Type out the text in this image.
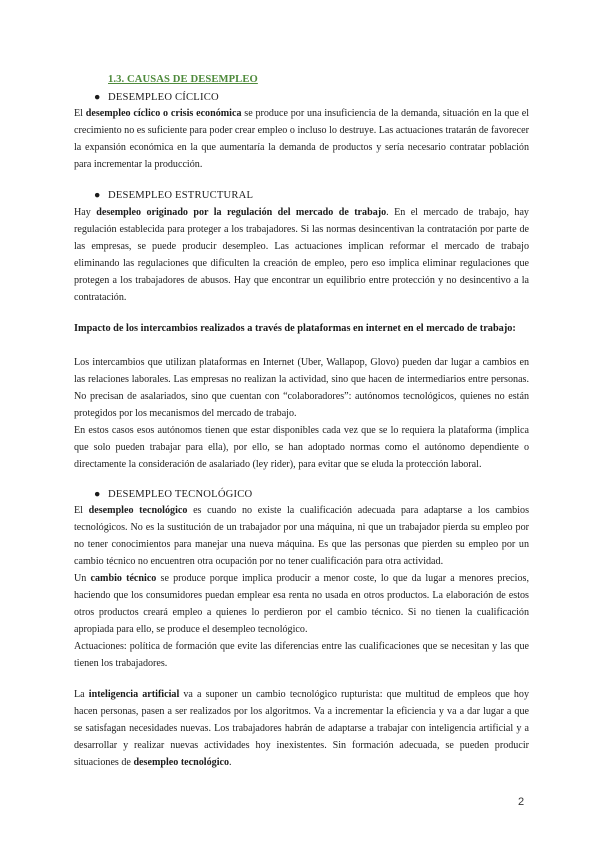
1.3. CAUSAS DE DESEMPLEO
● DESEMPLEO CÍCLICO

El desempleo cíclico o crisis económica se produce por una insuficiencia de la demanda, situación en la que el crecimiento no es suficiente para poder crear empleo o incluso lo destruye. Las actuaciones tratarán de favorecer la expansión económica en la que aumentaría la demanda de productos y sería necesario contratar población para incrementar la producción.

● DESEMPLEO ESTRUCTURAL

Hay desempleo originado por la regulación del mercado de trabajo. En el mercado de trabajo, hay regulación establecida para proteger a los trabajadores. Si las normas desincentivan la contratación por parte de las empresas, se puede producir desempleo. Las actuaciones implican reformar el mercado de trabajo eliminando las regulaciones que dificulten la creación de empleo, pero eso implica eliminar regulaciones que protegen a los trabajadores de abusos. Hay que encontrar un equilibrio entre protección y no desincentivo a la contratación.

Impacto de los intercambios realizados a través de plataformas en internet en el mercado de trabajo:

Los intercambios que utilizan plataformas en Internet (Uber, Wallapop, Glovo) pueden dar lugar a cambios en las relaciones laborales. Las empresas no realizan la actividad, sino que hacen de intermediarios entre personas. No precisan de asalariados, sino que cuentan con “colaboradores”: autónomos tecnológicos, quienes no están protegidos por los mecanismos del mercado de trabajo.

En estos casos esos autónomos tienen que estar disponibles cada vez que se lo requiera la plataforma (implica que solo pueden trabajar para ella), por ello, se han adoptado normas como el autónomo dependiente o directamente la consideración de asalariado (ley rider), para evitar que se eluda la protección laboral.

● DESEMPLEO TECNOLÓGICO

El desempleo tecnológico es cuando no existe la cualificación adecuada para adaptarse a los cambios tecnológicos. No es la sustitución de un trabajador por una máquina, ni que un trabajador pierda su empleo por no tener conocimientos para manejar una nueva máquina. Es que las personas que pierden su empleo por un cambio técnico no encuentren otra ocupación por no tener cualificación para otra actividad.

Un cambio técnico se produce porque implica producir a menor coste, lo que da lugar a menores precios, haciendo que los consumidores puedan emplear esa renta no usada en otros productos. La elaboración de estos otros productos creará empleo a quienes lo perdieron por el cambio técnico. Si no tienen la cualificación apropiada para ello, se produce el desempleo tecnológico.

Actuaciones: política de formación que evite las diferencias entre las cualificaciones que se necesitan y las que tienen los trabajadores.

La inteligencia artificial va a suponer un cambio tecnológico rupturista: que multitud de empleos que hoy hacen personas, pasen a ser realizados por los algoritmos. Va a incrementar la eficiencia y va a dar lugar a que se satisfagan necesidades nuevas. Los trabajadores habrán de adaptarse a trabajar con inteligencia artificial y a desarrollar y realizar nuevas actividades hoy inexistentes. Sin formación adecuada, se pueden producir situaciones de desempleo tecnológico.

2
